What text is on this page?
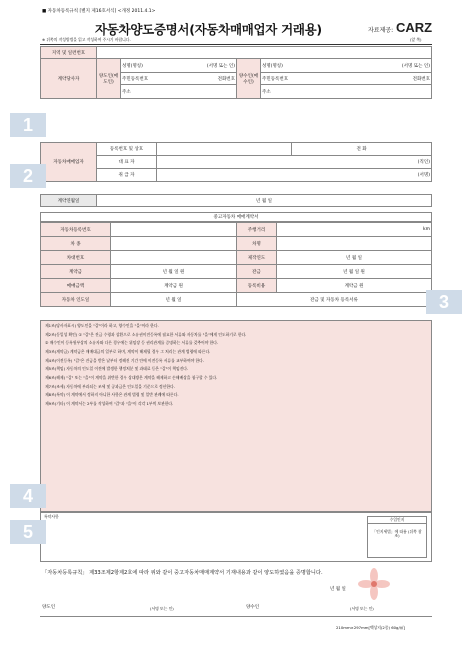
■ 자동차등록규칙 [별지 제16호서식] <개정 2011.4.1>
자동차양도증명서(자동차매매업자 거래용)	자료제공: CARZ
※ 뒤쪽의 작성방법을 읽고 작성하여 주시기 바랍니다.	(앞 쪽)
지역 및 일련번호				
계약당사자	양도인(매도인)	성명(명칭) (서명 또는 인)	양수인(매수인)	성명(명칭) (서명 또는 인)

		주민등록번호 전화번호		주민등록번호 전화번호

		주소		주소
자동차매매업자	등록번호 및 상호		전 화
	대 표 자	(직인)	
	취 급 자	(서명)	
계약연월일	년 월 일
중고자동차 매매계약서
자동차등록번호		주행거리	km
차 종		차명	
차대번호		제작연도	년 월 일
계약금	년 월 일 원	잔금	년 월 일 원
매매금액	계약금 원	등록비용	계약금 원
자동차 인도일	년 월 일	잔금 및 자동차 등록서류	
제1조(당사자표시) 양도인을 "갑"이라 하고, 양수인을 "을"이라 한다.
제2조(동일성 확인) ① "갑"은 잔금 수령과 상환으로 소유권이전등록에 필요한 서류와 자동차를 "을"에게 인도하기로 한다.
② 매수인이 등록원부상의 소유자와 다른 경우에는 위임장 등 권리관계를 증명하는 서류를 갖추어야 한다.
제3조(계약금) 계약금은 매매대금의 일부로 하며, 계약이 해제될 경우 그 처리는 관계 법령에 따른다.
제4조(이전등록) "갑"은 잔금을 받은 날부터 정해진 기간 안에 이전등록 서류를 교부하여야 한다.
제5조(책임) 자동차의 인도일 이전에 발생한 행정처분 및 과태료 등은 "갑"이 책임진다.
제6조(해제) "갑" 또는 "을"이 계약을 위반한 경우 상대방은 계약을 해제하고 손해배상을 청구할 수 있다.
제7조(조세) 자동차에 부과되는 조세 및 공과금은 인도일을 기준으로 정산한다.
제8조(특약) 이 계약에서 정하지 아니한 사항은 관계 법령 및 일반 관례에 따른다.
제9조(기타) 이 계약서는 2부를 작성하여 "갑"과 "을"이 각각 1부씩 보관한다.
특약사항
수입인지
「인지세법」에 따름 (뒤쪽 참조)
「자동차등록규칙」 제33조제2항제2호에 따라 위와 같이 중고자동차매매계약서 기재내용과 같이 양도하였음을 증명합니다.
년 월 일
양도인	(서명 또는 인)	양수인	(서명 또는 인)
210mm×297mm[백상지(2종) 60g/㎡]
1
2
3
4
5
